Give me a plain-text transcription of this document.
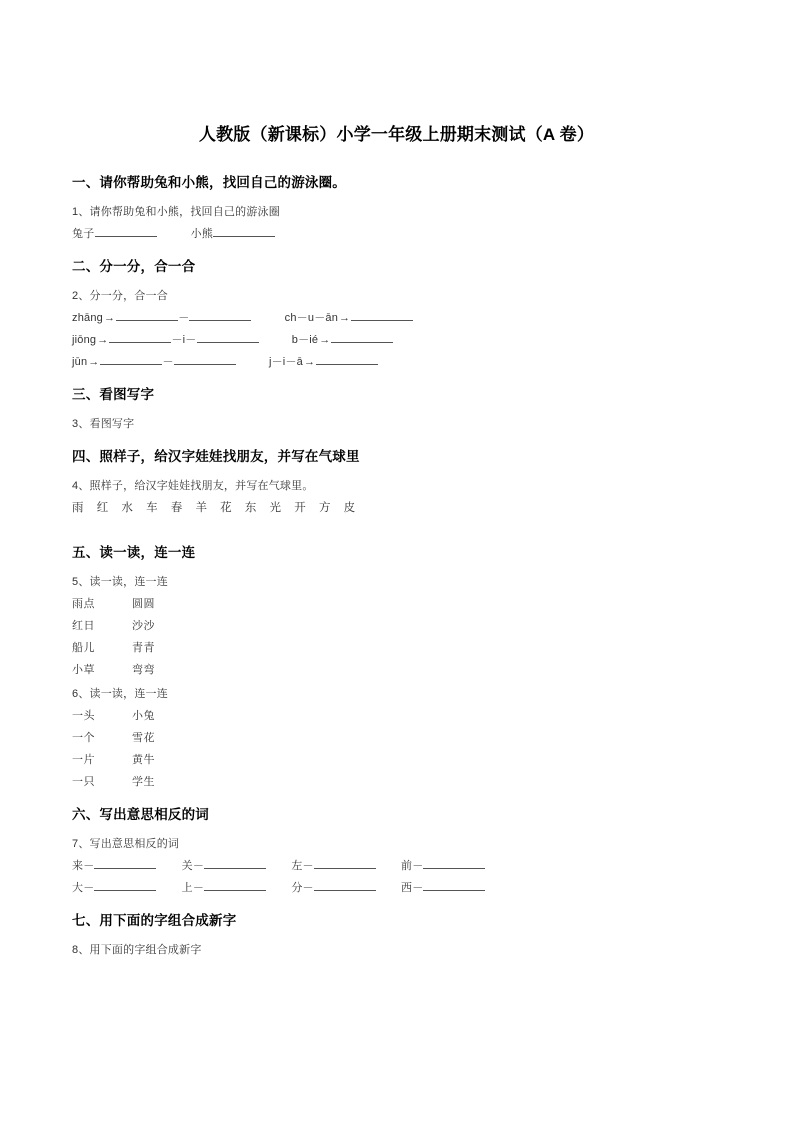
人教版（新课标）小学一年级上册期末测试（A 卷）
一、请你帮助兔和小熊，找回自己的游泳圈。
1、请你帮助兔和小熊，找回自己的游泳圈
兔子	小熊
二、分一分，合一合
2、分一分，合一合
zhāng→	－	ch－u－ān→
jiōng→	－i－	b－ié→
jūn→	－	j－i－ā→
三、看图写字
3、看图写字
四、照样子，给汉字娃娃找朋友，并写在气球里
4、照样子，给汉字娃娃找朋友，并写在气球里。
雨 红 水 车 春 羊 花 东 光 开 方 皮
五、读一读，连一连
5、读一读，连一连
雨点	圆圆
红日	沙沙
船儿	青青
小草	弯弯
6、读一读，连一连
一头	小兔
一个	雪花
一片	黄牛
一只	学生
六、写出意思相反的词
7、写出意思相反的词
来－	关－	左－	前－
大－	上－	分－	西－
七、用下面的字组合成新字
8、用下面的字组合成新字
